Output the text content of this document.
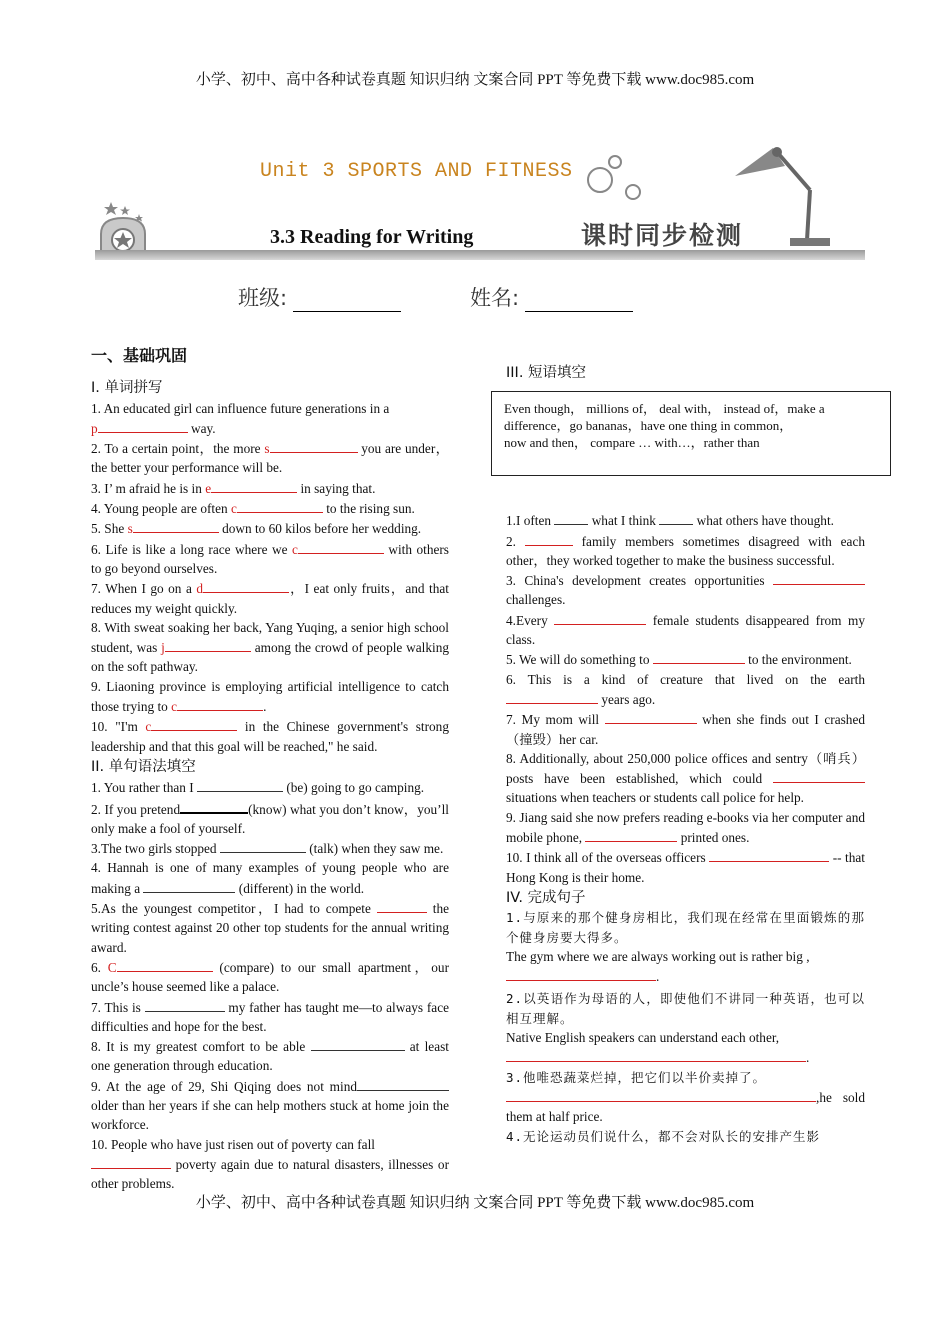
小学、初中、高中各种试卷真题 知识归纳 文案合同 PPT 等免费下载 www.doc985.com
Unit 3 SPORTS AND FITNESS
3.3 Reading for Writing	课时同步检测
班级:	姓名:
一、基础巩固
I. 单词拼写
1. An educated girl can influence future generations in a
p	way.
2. To a certain point，the more s	you are under，the better your performance will be.
3. I’ m afraid he is in e	in saying that.
4. Young people are often c	to the rising sun.
5. She s	down to 60 kilos before her wedding.
6. Life is like a long race where we c	with others to go beyond ourselves.
7. When I go on a d	，I eat only fruits，and that reduces my weight quickly.
8. With sweat soaking her back, Yang Yuqing, a senior high school student, was j	among the crowd of people walking on the soft pathway.
9. Liaoning province is employing artificial intelligence to catch those trying to c	.
10. "I'm c	in the Chinese government's strong leadership and that this goal will be reached," he said.
II. 单句语法填空
1. You rather than I	(be) going to go camping.
2. If you pretend	(know) what you don’t know，you’ll only make a fool of yourself.
3.The two girls stopped	(talk) when they saw me.
4. Hannah is one of many examples of young people who are making a	(different) in the world.
5.As the youngest competitor，I had to compete	the writing contest against 20 other top students for the annual writing award.
6. C	(compare) to our small apartment，our uncle’s house seemed like a palace.
7. This is	my father has taught me—to always face difficulties and hope for the best.
8. It is my greatest comfort to be able	at least one generation through education.
9. At the age of 29, Shi Qiqing does not mind older than her years if she can help mothers stuck at home join the workforce.
10. People who have just risen out of poverty can fall
poverty again due to natural disasters, illnesses or other problems.
III. 短语填空
Even though， millions of， deal with， instead of，make a difference，go bananas，have one thing in common，
now and then， compare … with…，rather than
1.I often	what I think	what others have thought.
2.	family members sometimes disagreed with each other，they worked together to make the business successful.
3. China's development creates opportunities  challenges.
4.Every	female students disappeared from my class.
5. We will do something to	to the environment.
6. This is a kind of creature that lived on the earth  years ago.
7. My mom will	when she finds out I crashed（撞毁）her car.
8. Additionally, about 250,000 police offices and sentry（哨兵）posts have been established, which could  situations when teachers or students call police for help.
9. Jiang said she now prefers reading e-books via her computer and mobile phone,	printed ones.
10. I think all of the overseas officers	-- that Hong Kong is their home.
IV. 完成句子
1.与原来的那个健身房相比，我们现在经常在里面锻炼的那个健身房要大得多。
The gym where we are always working out is rather big ,
.
2.以英语作为母语的人，即使他们不讲同一种英语，也可以相互理解。
Native English speakers can understand each other,
.
3.他唯恐蔬菜烂掉，把它们以半价卖掉了。
,he sold them at half price.
4.无论运动员们说什么，都不会对队长的安排产生影
小学、初中、高中各种试卷真题 知识归纳 文案合同 PPT 等免费下载 www.doc985.com
